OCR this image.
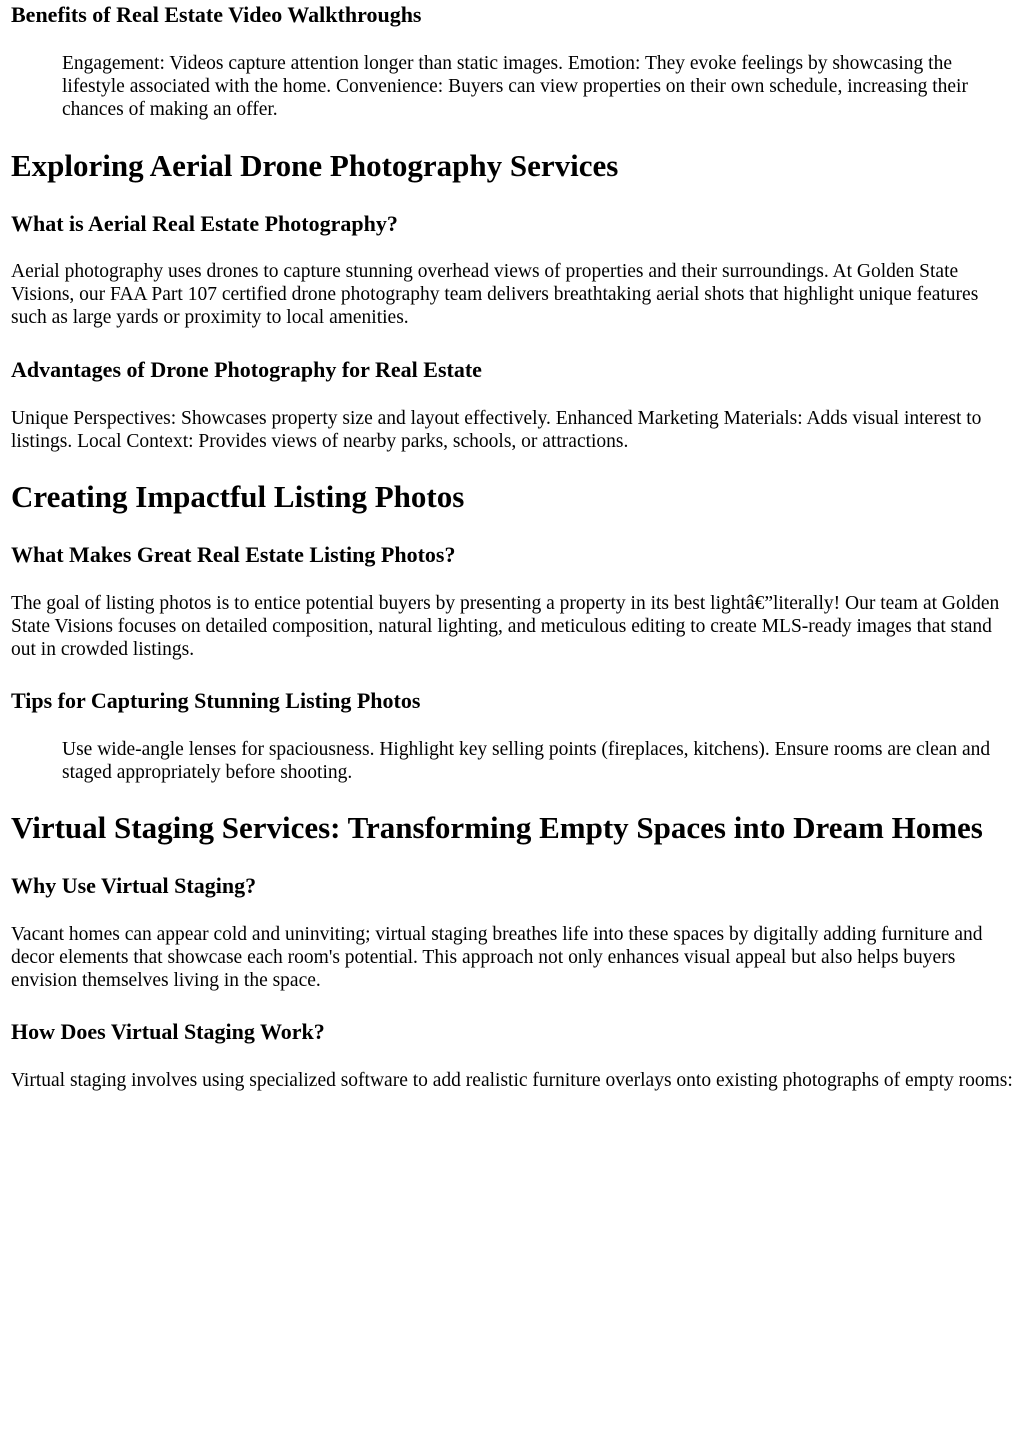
Benefits of Real Estate Video Walkthroughs

Engagement: Videos capture attention longer than static images. Emotion: They evoke feelings by showcasing the lifestyle associated with the home. Convenience: Buyers can view properties on their own schedule, increasing their chances of making an offer.

Exploring Aerial Drone Photography Services
What is Aerial Real Estate Photography?

Aerial photography uses drones to capture stunning overhead views of properties and their surroundings. At Golden State Visions, our FAA Part 107 certified drone photography team delivers breathtaking aerial shots that highlight unique features such as large yards or proximity to local amenities.

Advantages of Drone Photography for Real Estate

Unique Perspectives: Showcases property size and layout effectively. Enhanced Marketing Materials: Adds visual interest to listings. Local Context: Provides views of nearby parks, schools, or attractions.

Creating Impactful Listing Photos
What Makes Great Real Estate Listing Photos?

The goal of listing photos is to entice potential buyers by presenting a property in its best lightâ€”literally! Our team at Golden State Visions focuses on detailed composition, natural lighting, and meticulous editing to create MLS-ready images that stand out in crowded listings.

Tips for Capturing Stunning Listing Photos

Use wide-angle lenses for spaciousness. Highlight key selling points (fireplaces, kitchens). Ensure rooms are clean and staged appropriately before shooting.

Virtual Staging Services: Transforming Empty Spaces into Dream Homes
Why Use Virtual Staging?

Vacant homes can appear cold and uninviting; virtual staging breathes life into these spaces by digitally adding furniture and decor elements that showcase each room's potential. This approach not only enhances visual appeal but also helps buyers envision themselves living in the space.

How Does Virtual Staging Work?

Virtual staging involves using specialized software to add realistic furniture overlays onto existing photographs of empty rooms:
